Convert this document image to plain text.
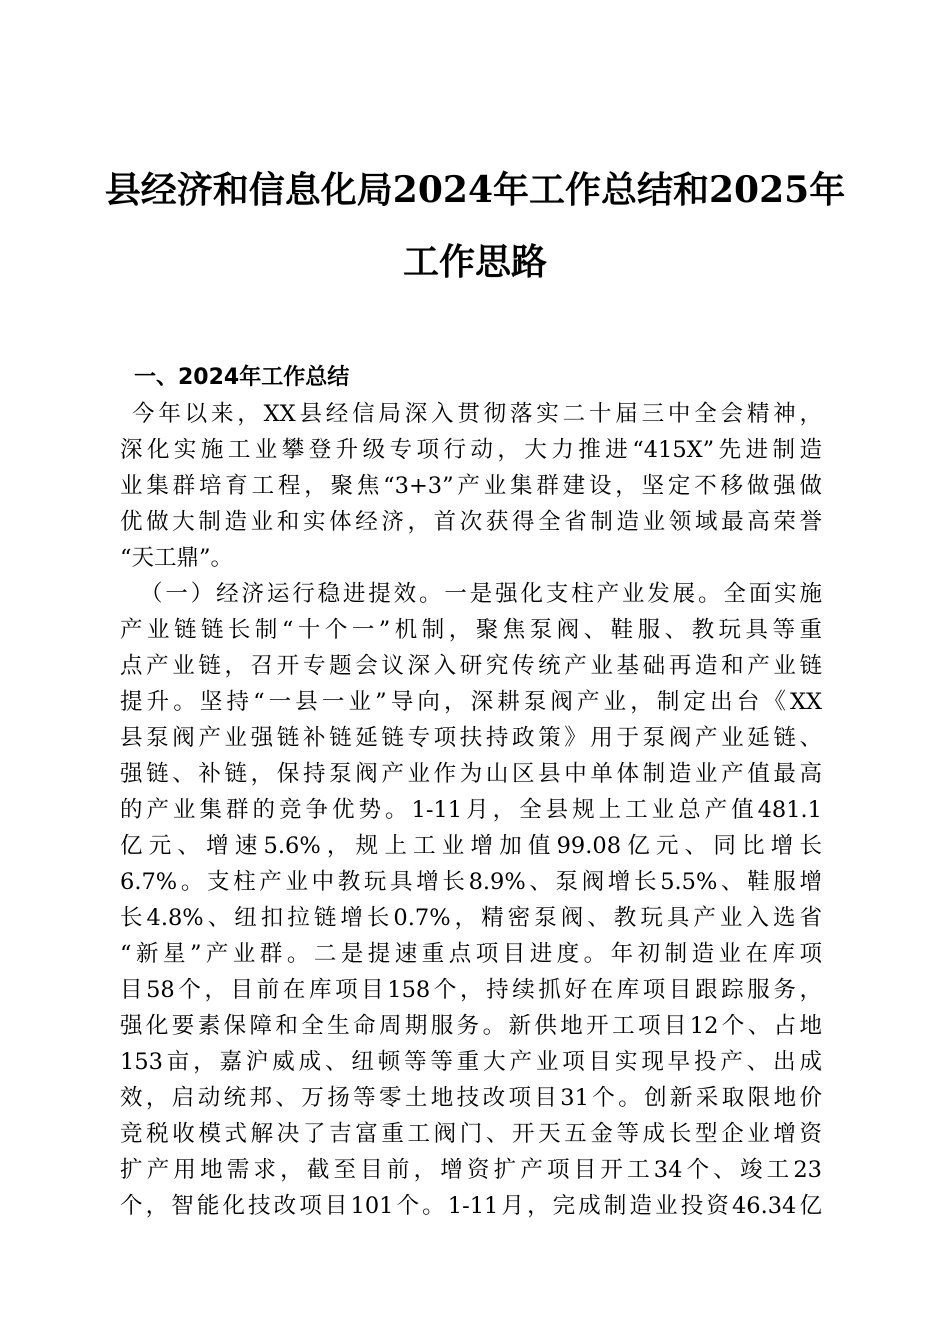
县经济和信息化局2024年工作总结和2025年
工作思路
一、2024年工作总结
今年以来，XX县经信局深入贯彻落实二十届三中全会精神，
深化实施工业攀登升级专项行动，大力推进“415X”先进制造
业集群培育工程，聚焦“3+3”产业集群建设，坚定不移做强做
优做大制造业和实体经济，首次获得全省制造业领域最高荣誉
“天工鼎”。
（一）经济运行稳进提效。一是强化支柱产业发展。全面实施
产业链链长制“十个一”机制，聚焦泵阀、鞋服、教玩具等重
点产业链，召开专题会议深入研究传统产业基础再造和产业链
提升。坚持“一县一业”导向，深耕泵阀产业，制定出台《XX
县泵阀产业强链补链延链专项扶持政策》用于泵阀产业延链、
强链、补链，保持泵阀产业作为山区县中单体制造业产值最高
的产业集群的竞争优势。1-11月，全县规上工业总产值481.1
亿元、增速5.6%，规上工业增加值99.08亿元、同比增长
6.7%。支柱产业中教玩具增长8.9%、泵阀增长5.5%、鞋服增
长4.8%、纽扣拉链增长0.7%，精密泵阀、教玩具产业入选省
“新星”产业群。二是提速重点项目进度。年初制造业在库项
目58个，目前在库项目158个，持续抓好在库项目跟踪服务，
强化要素保障和全生命周期服务。新供地开工项目12个、占地
153亩，嘉沪威成、纽顿等等重大产业项目实现早投产、出成
效，启动统邦、万扬等零土地技改项目31个。创新采取限地价
竞税收模式解决了吉富重工阀门、开天五金等成长型企业增资
扩产用地需求，截至目前，增资扩产项目开工34个、竣工23
个，智能化技改项目101个。1-11月，完成制造业投资46.34亿
